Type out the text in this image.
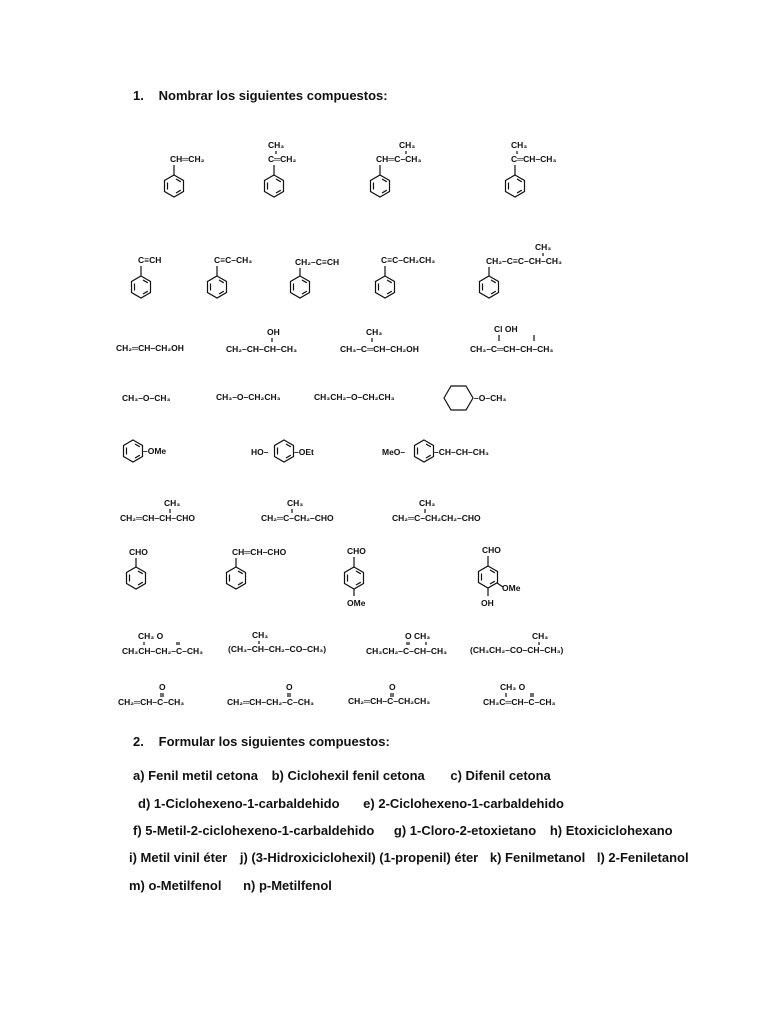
1. Nombrar los siguientes compuestos:
CH═CH₂
CH₃
C═CH₂
CH₃
CH═C–CH₃
CH₃
C═CH–CH₃
C≡CH	C≡C–CH₃	CH₂–C≡CH	C≡C–CH₂CH₃
CH₃
CH₂–C≡C–CH–CH₃
CH₂═CH–CH₂OH
OH
CH₂–CH–CH–CH₃
CH₃
CH₃–C═CH–CH₂OH
Cl OH
CH₃–C═CH–CH–CH₃
CH₃–O–CH₃	CH₃–O–CH₂CH₃	CH₃CH₂–O–CH₂CH₃	–O–CH₃
–OMe	HO–	–OEt	MeO–	–CH–CH–CH₃
CH₃
CH₂═CH–CH–CHO
CH₃
CH₂═C–CH₂–CHO
CH₃
CH₂═C–CH₂CH₂–CHO
CHO	CH═CH–CHO	CHO
OMe
CHO
OMe
OH
CH₃ O
CH₃CH–CH₂–C–CH₃
CH₃
(CH₃–CH–CH₂–CO–CH₃)
O CH₃
CH₃CH₂–C–CH–CH₃
CH₃
(CH₃CH₂–CO–CH–CH₃)
O
CH₂═CH–C–CH₃
O
CH₂═CH–CH₂–C–CH₃
O
CH₂═CH–C–CH₂CH₃
CH₃ O
CH₃C═CH–C–CH₃
2. Formular los siguientes compuestos:
a) Fenil metil cetona b) Ciclohexil fenil cetona c) Difenil cetona
d) 1-Ciclohexeno-1-carbaldehido e) 2-Ciclohexeno-1-carbaldehido
f) 5-Metil-2-ciclohexeno-1-carbaldehido g) 1-Cloro-2-etoxietano h) Etoxiciclohexano
i) Metil vinil éter j) (3-Hidroxiciclohexil) (1-propenil) éter k) Fenilmetanol l) 2-Feniletanol
m) o-Metilfenol n) p-Metilfenol
